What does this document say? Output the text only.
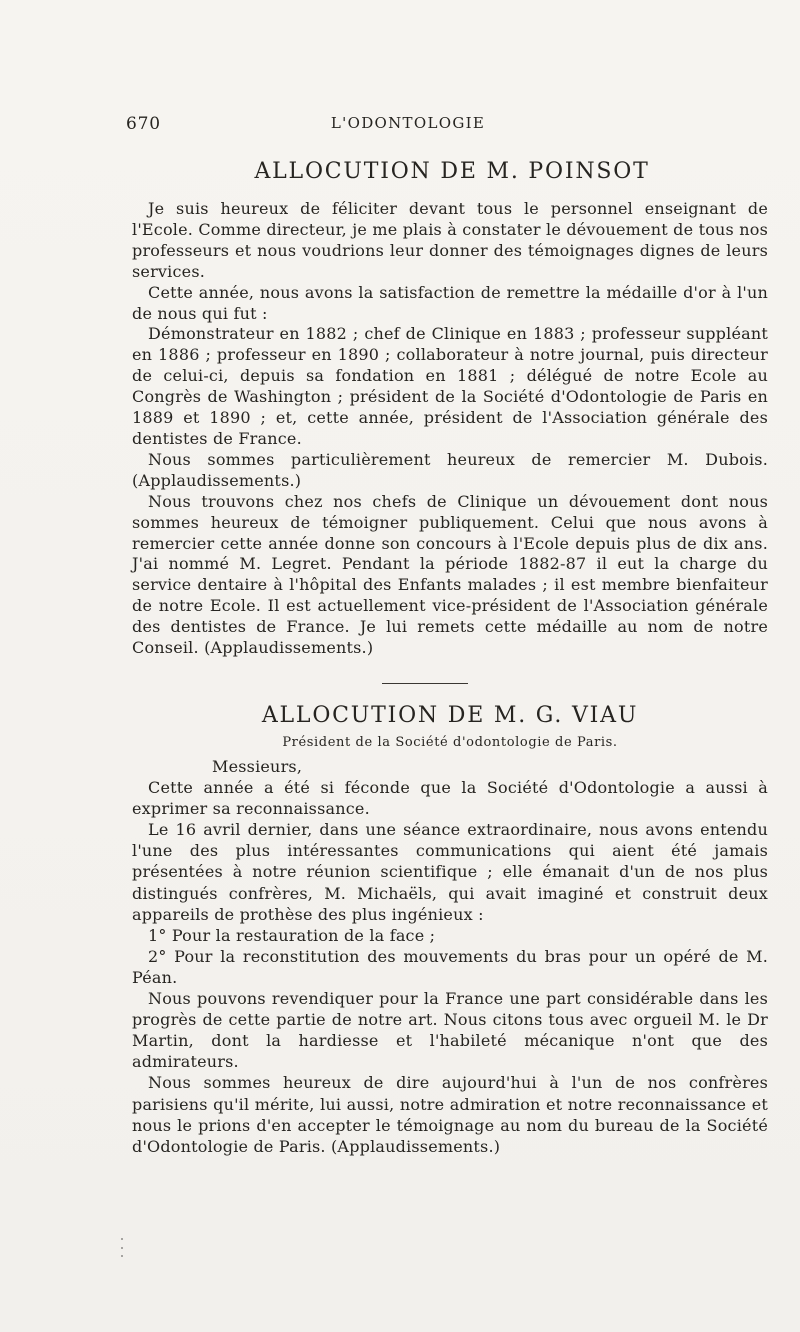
670	L'ODONTOLOGIE
ALLOCUTION DE M. POINSOT

Je suis heureux de féliciter devant tous le personnel enseignant de l'Ecole. Comme directeur, je me plais à constater le dévouement de tous nos professeurs et nous voudrions leur donner des témoignages dignes de leurs services.

Cette année, nous avons la satisfaction de remettre la médaille d'or à l'un de nous qui fut :

Démonstrateur en 1882 ; chef de Clinique en 1883 ; professeur suppléant en 1886 ; professeur en 1890 ; collaborateur à notre journal, puis directeur de celui-ci, depuis sa fondation en 1881 ; délégué de notre Ecole au Congrès de Washington ; président de la Société d'Odontologie de Paris en 1889 et 1890 ; et, cette année, président de l'Association générale des dentistes de France.

Nous sommes particulièrement heureux de remercier M. Dubois. (Applaudissements.)

Nous trouvons chez nos chefs de Clinique un dévouement dont nous sommes heureux de témoigner publiquement. Celui que nous avons à remercier cette année donne son concours à l'Ecole depuis plus de dix ans. J'ai nommé M. Legret. Pendant la période 1882-87 il eut la charge du service dentaire à l'hôpital des Enfants malades ; il est membre bienfaiteur de notre Ecole. Il est actuellement vice-président de l'Association générale des dentistes de France. Je lui remets cette médaille au nom de notre Conseil. (Applaudissements.)

ALLOCUTION DE M. G. VIAU
Président de la Société d'odontologie de Paris.

Messieurs,

Cette année a été si féconde que la Société d'Odontologie a aussi à exprimer sa reconnaissance.

Le 16 avril dernier, dans une séance extraordinaire, nous avons entendu l'une des plus intéressantes communications qui aient été jamais présentées à notre réunion scientifique ; elle émanait d'un de nos plus distingués confrères, M. Michaëls, qui avait imaginé et construit deux appareils de prothèse des plus ingénieux :

1° Pour la restauration de la face ;

2° Pour la reconstitution des mouvements du bras pour un opéré de M. Péan.

Nous pouvons revendiquer pour la France une part considérable dans les progrès de cette partie de notre art. Nous citons tous avec orgueil M. le Dr Martin, dont la hardiesse et l'habileté mécanique n'ont que des admirateurs.

Nous sommes heureux de dire aujourd'hui à l'un de nos confrères parisiens qu'il mérite, lui aussi, notre admiration et notre reconnaissance et nous le prions d'en accepter le témoignage au nom du bureau de la Société d'Odontologie de Paris. (Applaudissements.)
